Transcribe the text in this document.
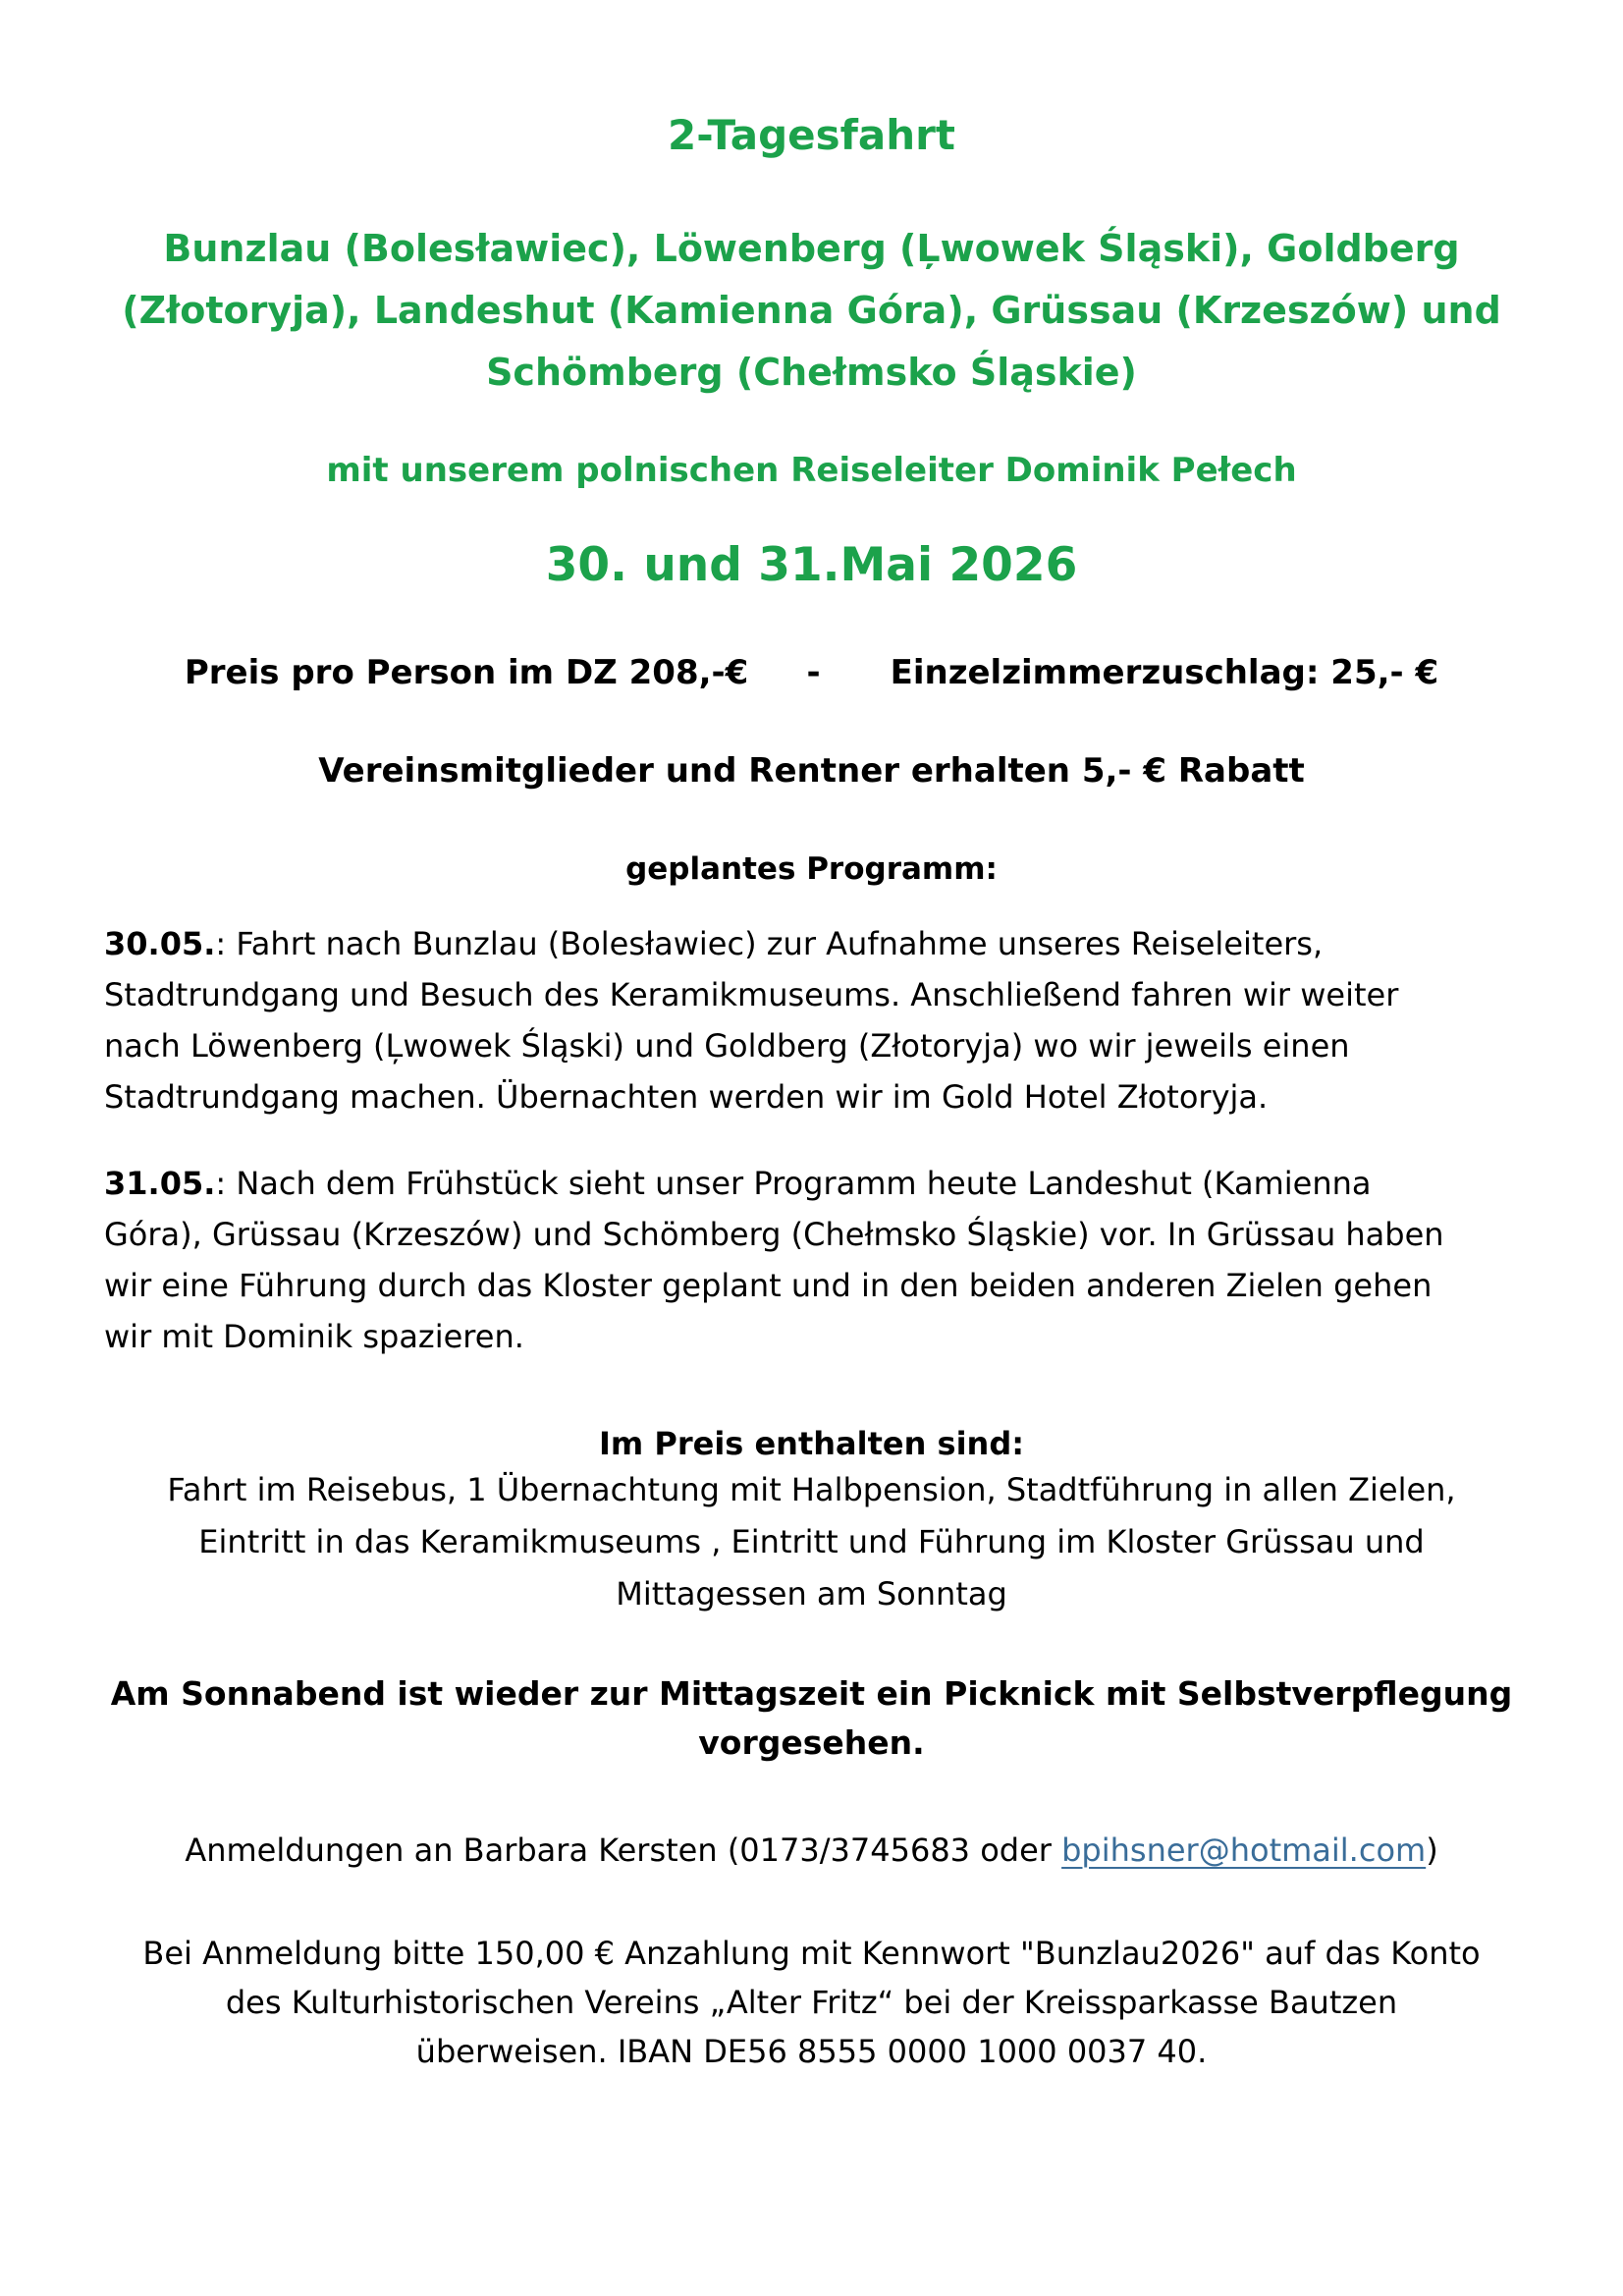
2-Tagesfahrt
Bunzlau (Bolesławiec), Löwenberg (Ļwowek Śląski), Goldberg
(Złotoryja), Landeshut (Kamienna Góra), Grüssau (Krzeszów) und
Schömberg (Chełmsko Śląskie)
mit unserem polnischen Reiseleiter Dominik Pełech
30. und 31.Mai 2026
Preis pro Person im DZ 208,-€     -      Einzelzimmerzuschlag: 25,- €
Vereinsmitglieder und Rentner erhalten 5,- € Rabatt
geplantes Programm:
30.05.: Fahrt nach Bunzlau (Bolesławiec) zur Aufnahme unseres Reiseleiters,
Stadtrundgang und Besuch des Keramikmuseums. Anschließend fahren wir weiter
nach Löwenberg (Ļwowek Śląski) und Goldberg (Złotoryja) wo wir jeweils einen
Stadtrundgang machen. Übernachten werden wir im Gold Hotel Złotoryja.
31.05.: Nach dem Frühstück sieht unser Programm heute Landeshut (Kamienna
Góra), Grüssau (Krzeszów) und Schömberg (Chełmsko Śląskie) vor. In Grüssau haben
wir eine Führung durch das Kloster geplant und in den beiden anderen Zielen gehen
wir mit Dominik spazieren.
Im Preis enthalten sind:
Fahrt im Reisebus, 1 Übernachtung mit Halbpension, Stadtführung in allen Zielen,
Eintritt in das Keramikmuseums , Eintritt und Führung im Kloster Grüssau und
Mittagessen am Sonntag
Am Sonnabend ist wieder zur Mittagszeit ein Picknick mit Selbstverpflegung
vorgesehen.
Anmeldungen an Barbara Kersten (0173/3745683 oder bpihsner@hotmail.com)
Bei Anmeldung bitte 150,00 € Anzahlung mit Kennwort "Bunzlau2026" auf das Konto
des Kulturhistorischen Vereins „Alter Fritz“ bei der Kreissparkasse Bautzen
überweisen. IBAN DE56 8555 0000 1000 0037 40.
